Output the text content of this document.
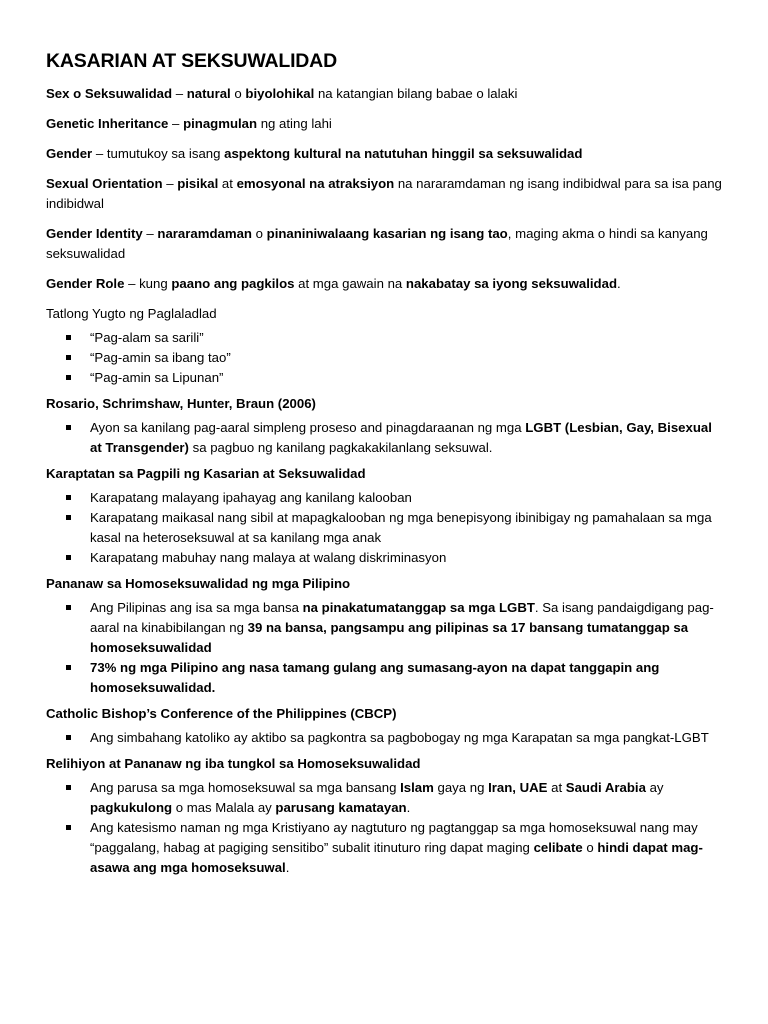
KASARIAN AT SEKSUWALIDAD

Sex o Seksuwalidad – natural o biyolohikal na katangian bilang babae o lalaki

Genetic Inheritance – pinagmulan ng ating lahi

Gender – tumutukoy sa isang aspektong kultural na natutuhan hinggil sa seksuwalidad

Sexual Orientation – pisikal at emosyonal na atraksiyon na nararamdaman ng isang indibidwal para sa isa pang indibidwal

Gender Identity – nararamdaman o pinaniniwalaang kasarian ng isang tao, maging akma o hindi sa kanyang seksuwalidad

Gender Role – kung paano ang pagkilos at mga gawain na nakabatay sa iyong seksuwalidad.

Tatlong Yugto ng Paglaladlad

“Pag-alam sa sarili”
“Pag-amin sa ibang tao”
“Pag-amin sa Lipunan”

Rosario, Schrimshaw, Hunter, Braun (2006)

Ayon sa kanilang pag-aaral simpleng proseso and pinagdaraanan ng mga LGBT (Lesbian, Gay, Bisexual at Transgender) sa pagbuo ng kanilang pagkakakilanlang seksuwal.

Karaptatan sa Pagpili ng Kasarian at Seksuwalidad

Karapatang malayang ipahayag ang kanilang kalooban
Karapatang maikasal nang sibil at mapagkalooban ng mga benepisyong ibinibigay ng pamahalaan sa mga kasal na heteroseksuwal at sa kanilang mga anak
Karapatang mabuhay nang malaya at walang diskriminasyon

Pananaw sa Homoseksuwalidad ng mga Pilipino

Ang Pilipinas ang isa sa mga bansa na pinakatumatanggap sa mga LGBT. Sa isang pandaigdigang pag-aaral na kinabibilangan ng 39 na bansa, pangsampu ang pilipinas sa 17 bansang tumatanggap sa homoseksuwalidad
73% ng mga Pilipino ang nasa tamang gulang ang sumasang-ayon na dapat tanggapin ang homoseksuwalidad.

Catholic Bishop’s Conference of the Philippines (CBCP)

Ang simbahang katoliko ay aktibo sa pagkontra sa pagbobogay ng mga Karapatan sa mga pangkat-LGBT

Relihiyon at Pananaw ng iba tungkol sa Homoseksuwalidad

Ang parusa sa mga homoseksuwal sa mga bansang Islam gaya ng Iran, UAE at Saudi Arabia ay pagkukulong o mas Malala ay parusang kamatayan.
Ang katesismo naman ng mga Kristiyano ay nagtuturo ng pagtanggap sa mga homoseksuwal nang may “paggalang, habag at pagiging sensitibo” subalit itinuturo ring dapat maging celibate o hindi dapat mag-asawa ang mga homoseksuwal.
